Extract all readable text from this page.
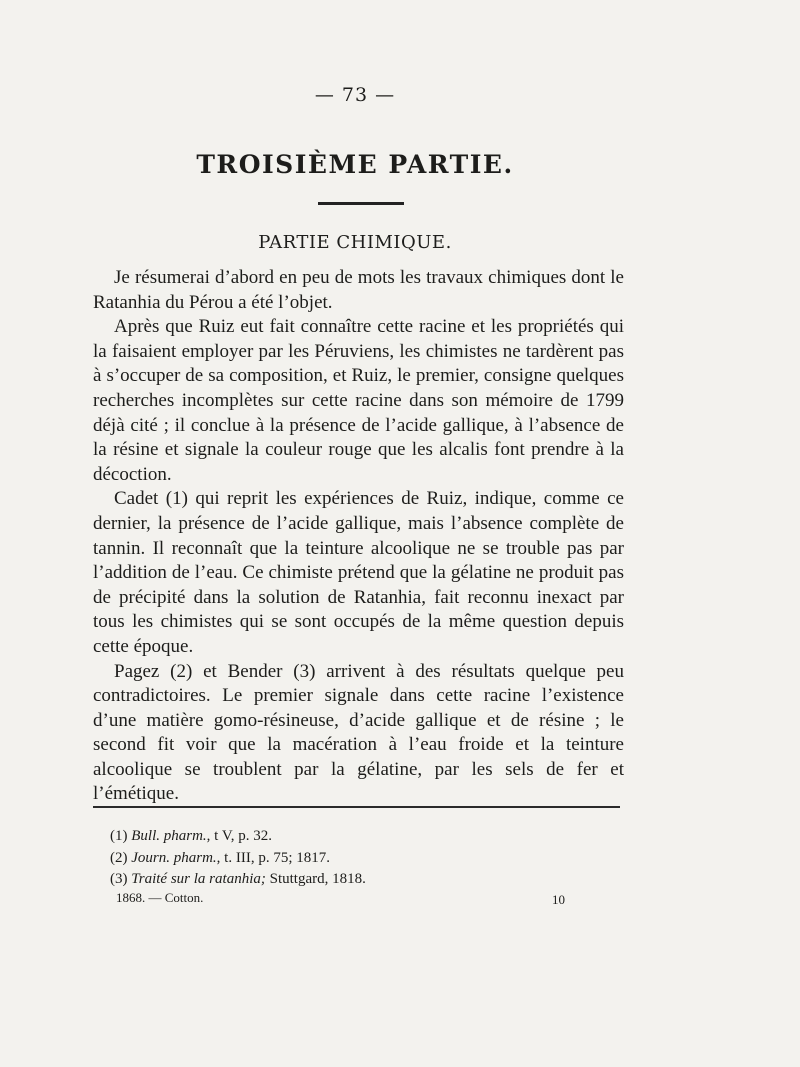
— 73 —
TROISIÈME PARTIE.
PARTIE CHIMIQUE.

Je résumerai d’abord en peu de mots les travaux chimiques dont le Ratanhia du Pérou a été l’objet.

Après que Ruiz eut fait connaître cette racine et les propriétés qui la faisaient employer par les Péruviens, les chimistes ne tardèrent pas à s’occuper de sa composition, et Ruiz, le premier, consigne quelques recherches incomplètes sur cette racine dans son mémoire de 1799 déjà cité ; il conclue à la présence de l’acide gallique, à l’absence de la résine et signale la couleur rouge que les alcalis font prendre à la décoction.

Cadet (1) qui reprit les expériences de Ruiz, indique, comme ce dernier, la présence de l’acide gallique, mais l’absence complète de tannin. Il reconnaît que la teinture alcoolique ne se trouble pas par l’addition de l’eau. Ce chimiste prétend que la gélatine ne produit pas de précipité dans la solution de Ratanhia, fait reconnu inexact par tous les chimistes qui se sont occupés de la même question depuis cette époque.

Pagez (2) et Bender (3) arrivent à des résultats quelque peu contradictoires. Le premier signale dans cette racine l’existence d’une matière gomo-résineuse, d’acide gallique et de résine ; le second fit voir que la macération à l’eau froide et la teinture alcoolique se troublent par la gélatine, par les sels de fer et l’émétique.

(1) Bull. pharm., t V, p. 32.
(2) Journ. pharm., t. III, p. 75; 1817.
(3) Traité sur la ratanhia; Stuttgard, 1818.
1868. — Cotton.	10
